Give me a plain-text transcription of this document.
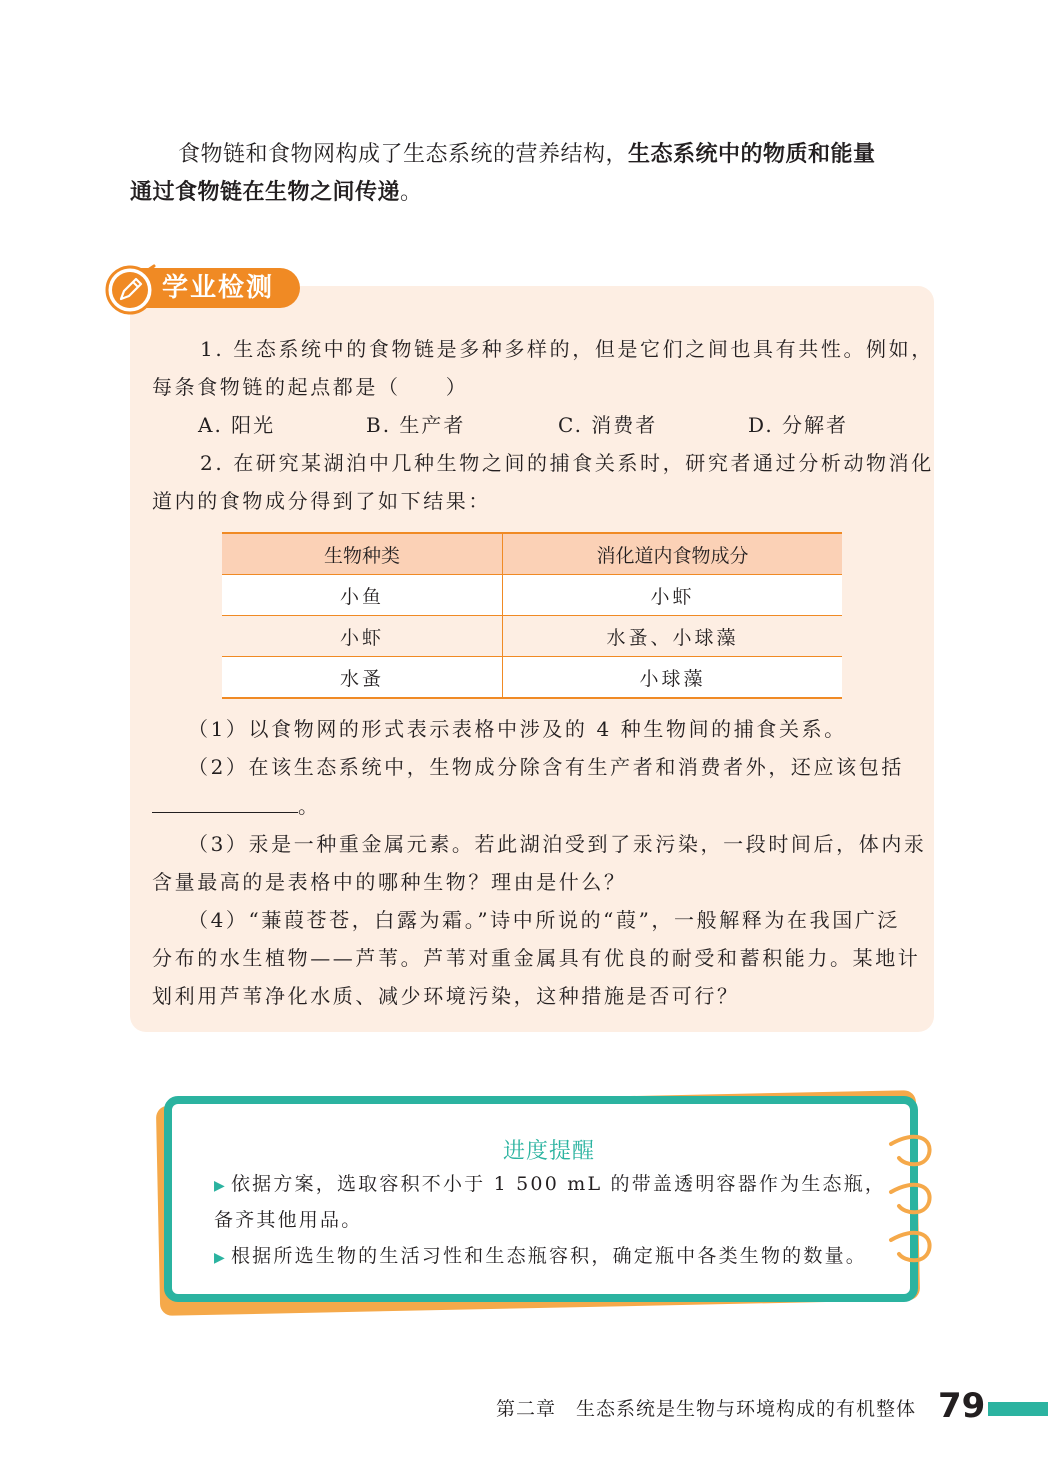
食物链和食物网构成了生态系统的营养结构，生态系统中的物质和能量
通过食物链在生物之间传递。
学业检测
1. 生态系统中的食物链是多种多样的，但是它们之间也具有共性。例如，
每条食物链的起点都是（　　）
A. 阳光	B. 生产者	C. 消费者	D. 分解者
2. 在研究某湖泊中几种生物之间的捕食关系时，研究者通过分析动物消化
道内的食物成分得到了如下结果：
生物种类	消化道内食物成分
小鱼	小虾
小虾	水蚤、小球藻
水蚤	小球藻
（1）以食物网的形式表示表格中涉及的 4 种生物间的捕食关系。
（2）在该生态系统中，生物成分除含有生产者和消费者外，还应该包括
。
（3）汞是一种重金属元素。若此湖泊受到了汞污染，一段时间后，体内汞
含量最高的是表格中的哪种生物？理由是什么？
（4）“蒹葭苍苍，白露为霜。”诗中所说的“葭”，一般解释为在我国广泛
分布的水生植物——芦苇。芦苇对重金属具有优良的耐受和蓄积能力。某地计
划利用芦苇净化水质、减少环境污染，这种措施是否可行？
进度提醒
▶ 依据方案，选取容积不小于 1 500 mL 的带盖透明容器作为生态瓶，
备齐其他用品。
▶ 根据所选生物的生活习性和生态瓶容积，确定瓶中各类生物的数量。
第二章　生态系统是生物与环境构成的有机整体 79
